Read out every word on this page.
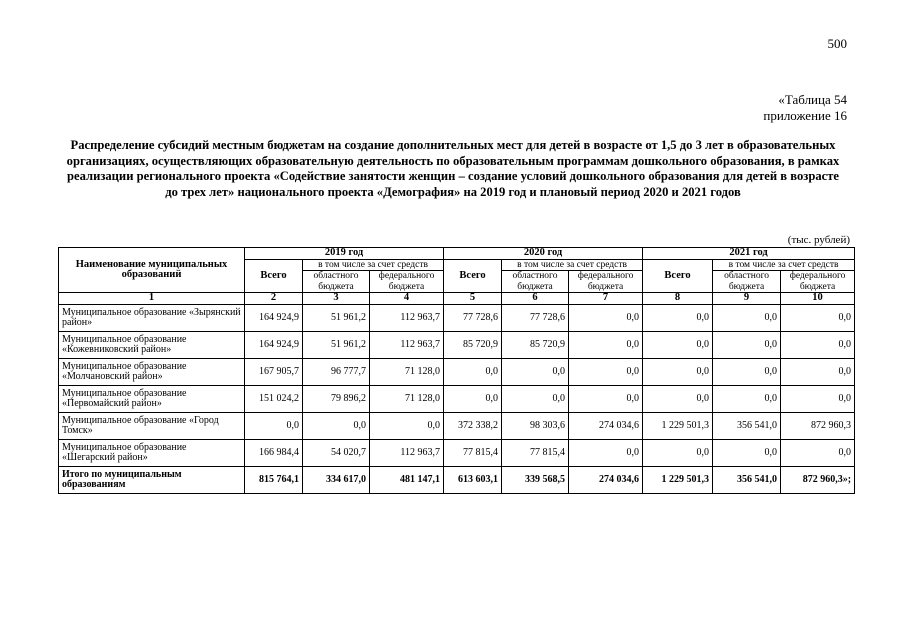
500
«Таблица 54
приложение 16
Распределение субсидий местным бюджетам на создание дополнительных мест для детей в возрасте от 1,5 до 3 лет в образовательных организациях, осуществляющих образовательную деятельность по образовательным программам дошкольного образования, в рамках реализации регионального проекта «Содействие занятости женщин – создание условий дошкольного образования для детей в возрасте до трех лет» национального проекта «Демография» на 2019 год и плановый период 2020 и 2021 годов
(тыс. рублей)
Наименование муниципальных образований	2019 год			2020 год			2021 год		
	Всего	в том числе за счет средств		Всего	в том числе за счет средств		Всего	в том числе за счет средств	
		областного бюджета	федерального бюджета		областного бюджета	федерального бюджета		областного бюджета	федерального бюджета
1	2	3	4	5	6	7	8	9	10
Муниципальное образование «Зырянский район»	164 924,9	51 961,2	112 963,7	77 728,6	77 728,6	0,0	0,0	0,0	0,0
Муниципальное образование «Кожевниковский район»	164 924,9	51 961,2	112 963,7	85 720,9	85 720,9	0,0	0,0	0,0	0,0
Муниципальное образование «Молчановский район»	167 905,7	96 777,7	71 128,0	0,0	0,0	0,0	0,0	0,0	0,0
Муниципальное образование «Первомайский район»	151 024,2	79 896,2	71 128,0	0,0	0,0	0,0	0,0	0,0	0,0
Муниципальное образование «Город Томск»	0,0	0,0	0,0	372 338,2	98 303,6	274 034,6	1 229 501,3	356 541,0	872 960,3
Муниципальное образование «Шегарский район»	166 984,4	54 020,7	112 963,7	77 815,4	77 815,4	0,0	0,0	0,0	0,0
Итого по муниципальным образованиям	815 764,1	334 617,0	481 147,1	613 603,1	339 568,5	274 034,6	1 229 501,3	356 541,0	872 960,3»;
